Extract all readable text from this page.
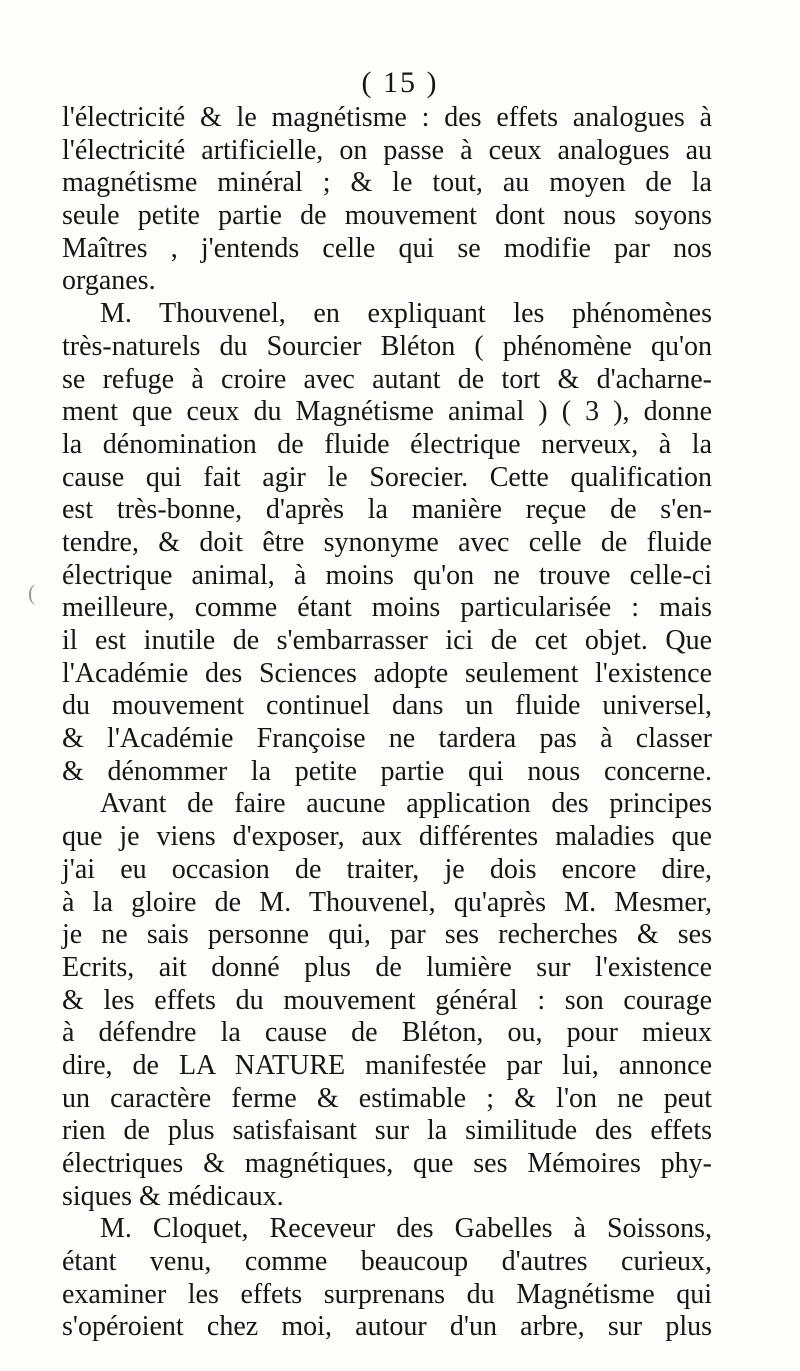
( 15 )
l'électricité & le magnétisme : des effets analogues à
l'électricité artificielle, on passe à ceux analogues au
magnétisme minéral ; & le tout, au moyen de la
seule petite partie de mouvement dont nous soyons
Maîtres , j'entends celle qui se modifie par nos
organes.
M. Thouvenel, en expliquant les phénomènes
très-naturels du Sourcier Bléton ( phénomène qu'on
se refuge à croire avec autant de tort & d'acharne-
ment que ceux du Magnétisme animal ) ( 3 ), donne
la dénomination de fluide électrique nerveux, à la
cause qui fait agir le Sorecier. Cette qualification
est très-bonne, d'après la manière reçue de s'en-
tendre, & doit être synonyme avec celle de fluide
électrique animal, à moins qu'on ne trouve celle-ci
meilleure, comme étant moins particularisée : mais
il est inutile de s'embarrasser ici de cet objet. Que
l'Académie des Sciences adopte seulement l'existence
du mouvement continuel dans un fluide universel,
& l'Académie Françoise ne tardera pas à classer
& dénommer la petite partie qui nous concerne.
Avant de faire aucune application des principes
que je viens d'exposer, aux différentes maladies que
j'ai eu occasion de traiter, je dois encore dire,
à la gloire de M. Thouvenel, qu'après M. Mesmer,
je ne sais personne qui, par ses recherches & ses
Ecrits, ait donné plus de lumière sur l'existence
& les effets du mouvement général : son courage
à défendre la cause de Bléton, ou, pour mieux
dire, de LA NATURE manifestée par lui, annonce
un caractère ferme & estimable ; & l'on ne peut
rien de plus satisfaisant sur la similitude des effets
électriques & magnétiques, que ses Mémoires phy-
siques & médicaux.
M. Cloquet, Receveur des Gabelles à Soissons,
étant venu, comme beaucoup d'autres curieux,
examiner les effets surprenans du Magnétisme qui
s'opéroient chez moi, autour d'un arbre, sur plus
(
